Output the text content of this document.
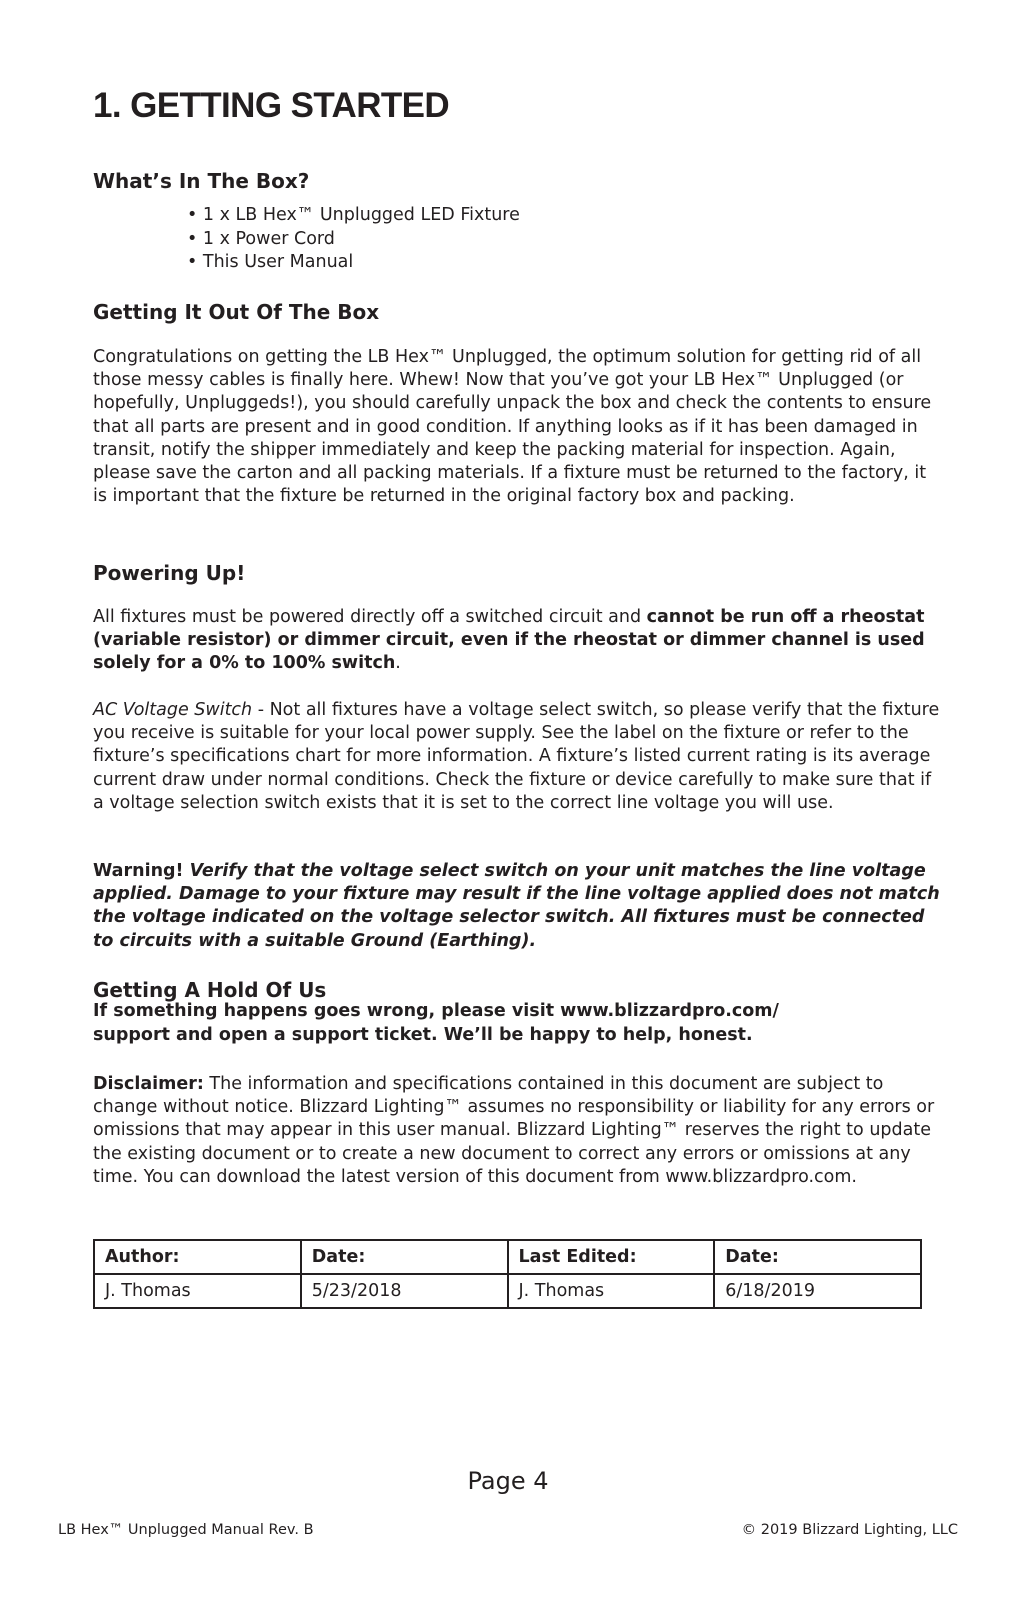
1. GETTING STARTED
What’s In The Box?
• 1 x LB Hex™ Unplugged LED Fixture
• 1 x Power Cord
• This User Manual
Getting It Out Of The Box

Congratulations on getting the LB Hex™ Unplugged, the optimum solution for getting rid of all those messy cables is finally here. Whew! Now that you’ve got your LB Hex™ Unplugged (or hopefully, Unpluggeds!), you should carefully unpack the box and check the contents to ensure that all parts are present and in good condition. If anything looks as if it has been damaged in transit, notify the shipper immediately and keep the packing material for inspection. Again, please save the carton and all packing materials. If a fixture must be returned to the factory, it is important that the fixture be returned in the original factory box and packing.

Powering Up!

All fixtures must be powered directly off a switched circuit and cannot be run off a rheostat (variable resistor) or dimmer circuit, even if the rheostat or dimmer channel is used solely for a 0% to 100% switch.

AC Voltage Switch - Not all fixtures have a voltage select switch, so please verify that the fixture you receive is suitable for your local power supply. See the label on the fixture or refer to the fixture’s specifications chart for more information. A fixture’s listed current rating is its average current draw under normal conditions. Check the fixture or device carefully to make sure that if a voltage selection switch exists that it is set to the correct line voltage you will use.

Warning! Verify that the voltage select switch on your unit matches the line voltage applied. Damage to your fixture may result if the line voltage applied does not match the voltage indicated on the voltage selector switch. All fixtures must be connected to circuits with a suitable Ground (Earthing).

Getting A Hold Of Us
If something happens goes wrong, please visit www.blizzardpro.com/
support and open a support ticket. We’ll be happy to help, honest.

Disclaimer: The information and specifications contained in this document are subject to change without notice. Blizzard Lighting™ assumes no responsibility or liability for any errors or omissions that may appear in this user manual. Blizzard Lighting™ reserves the right to update the existing document or to create a new document to correct any errors or omissions at any time. You can download the latest version of this document from www.blizzardpro.com.

Author:	Date:	Last Edited:	Date:
J. Thomas	5/23/2018	J. Thomas	6/18/2019
Page 4
LB Hex™ Unplugged Manual Rev. B	© 2019 Blizzard Lighting, LLC
